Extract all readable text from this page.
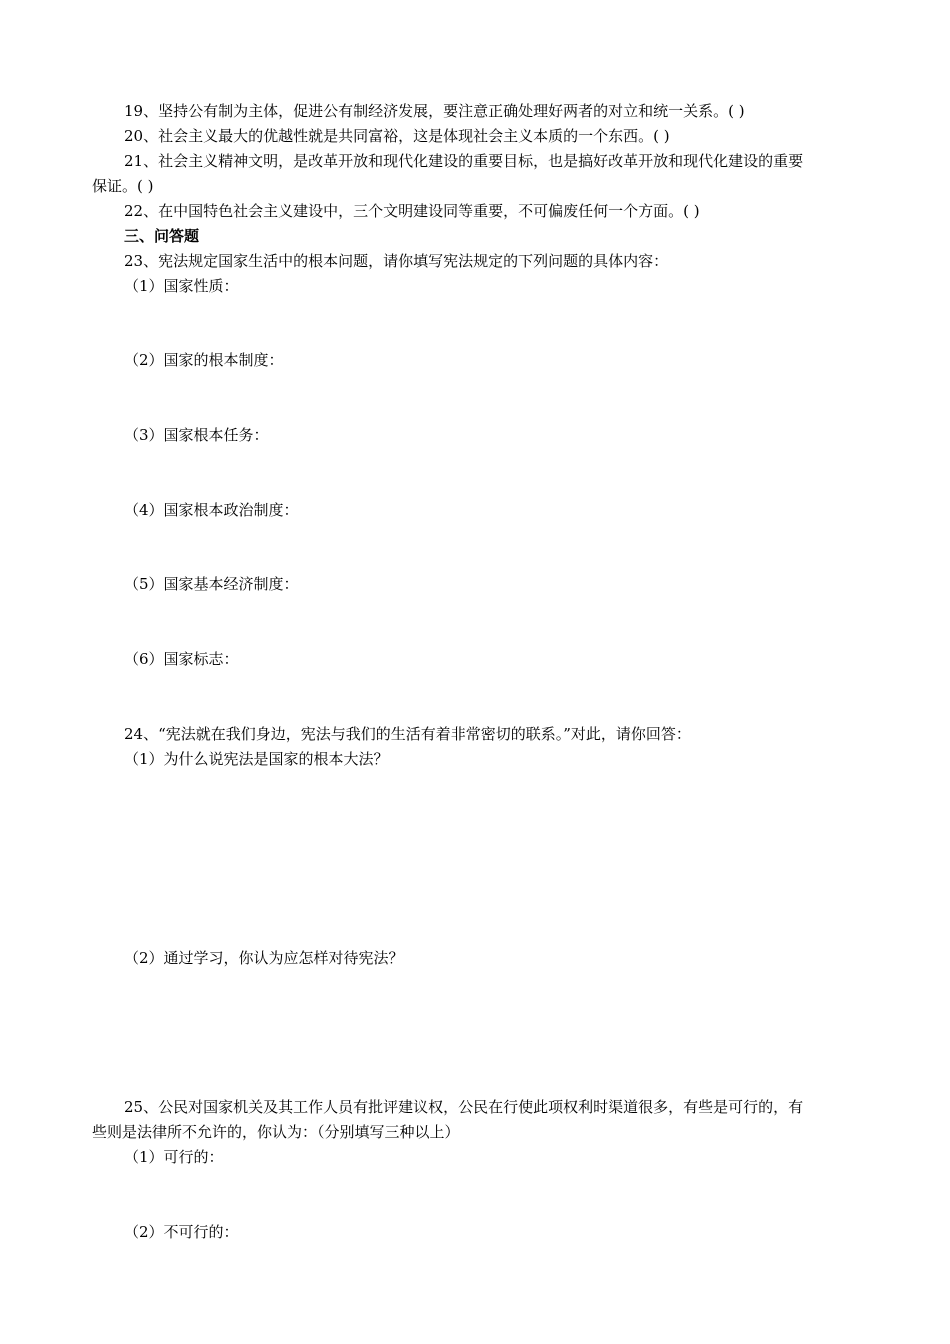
19、坚持公有制为主体，促进公有制经济发展，要注意正确处理好两者的对立和统一关系。( )
20、社会主义最大的优越性就是共同富裕，这是体现社会主义本质的一个东西。( )
21、社会主义精神文明，是改革开放和现代化建设的重要目标，也是搞好改革开放和现代化建设的重要
保证。( )
22、在中国特色社会主义建设中，三个文明建设同等重要，不可偏废任何一个方面。( )
三、问答题
23、宪法规定国家生活中的根本问题，请你填写宪法规定的下列问题的具体内容：
（1）国家性质：
（2）国家的根本制度：
（3）国家根本任务：
（4）国家根本政治制度：
（5）国家基本经济制度：
（6）国家标志：
24、“宪法就在我们身边，宪法与我们的生活有着非常密切的联系。”对此，请你回答：
（1）为什么说宪法是国家的根本大法？
（2）通过学习，你认为应怎样对待宪法？
25、公民对国家机关及其工作人员有批评建议权，公民在行使此项权利时渠道很多，有些是可行的，有
些则是法律所不允许的，你认为：（分别填写三种以上）
（1）可行的：
（2）不可行的：
